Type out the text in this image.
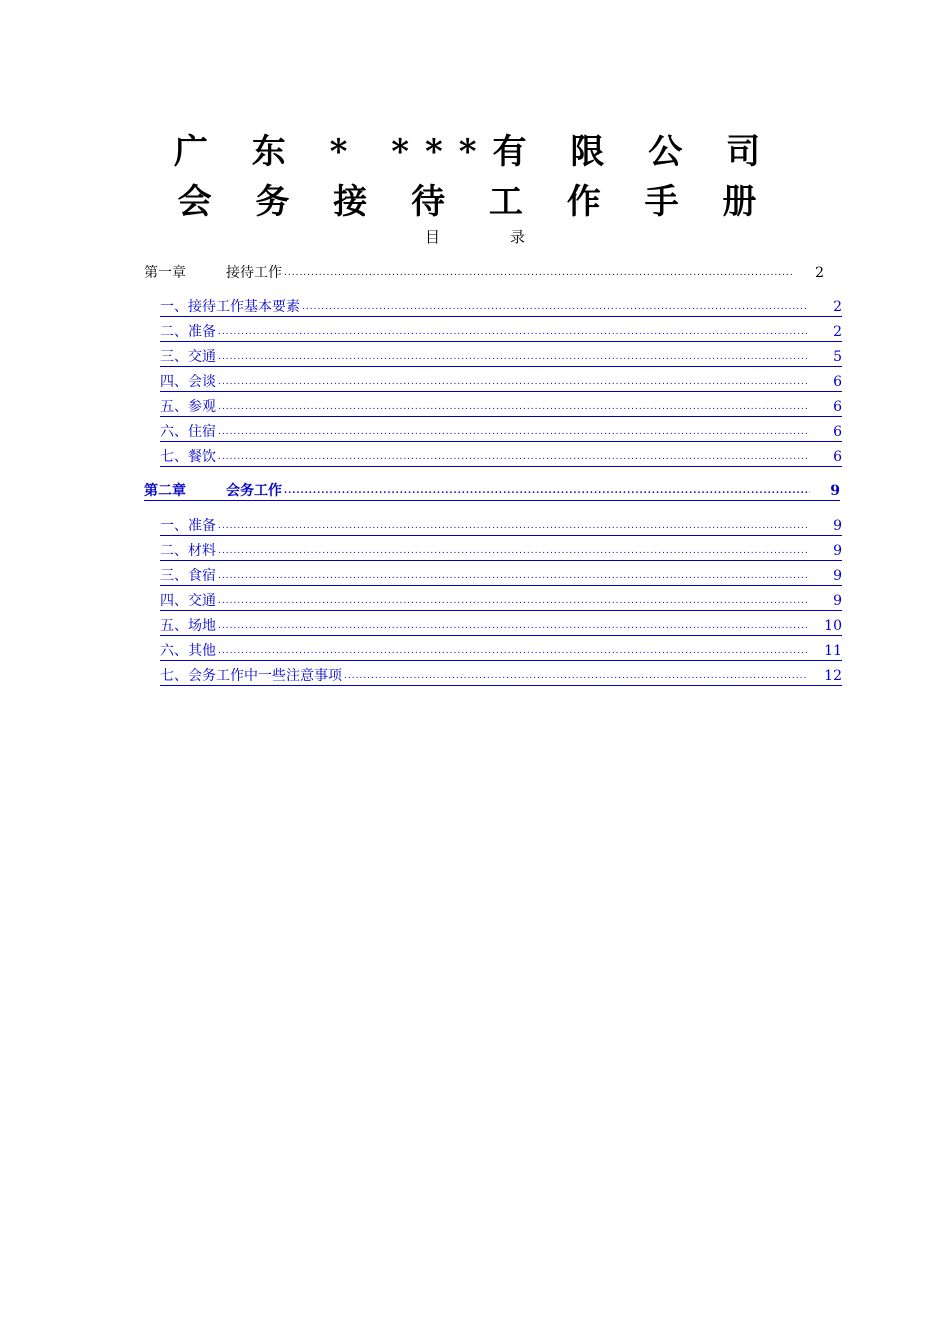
广 东 * ***有 限 公 司
会 务 接 待 工 作 手 册
目录
第一章	接待工作 .....	2
一、接待工作基本要素 .....	2
二、准备 .....	2
三、交通 .....	5
四、会谈 .....	6
五、参观 .....	6
六、住宿 .....	6
七、餐饮 .....	6
第二章	会务工作 .....	9
一、准备 .....	9
二、材料 .....	9
三、食宿 .....	9
四、交通 .....	9
五、场地 .....	10
六、其他 .....	11
七、会务工作中一些注意事项 .....	12
